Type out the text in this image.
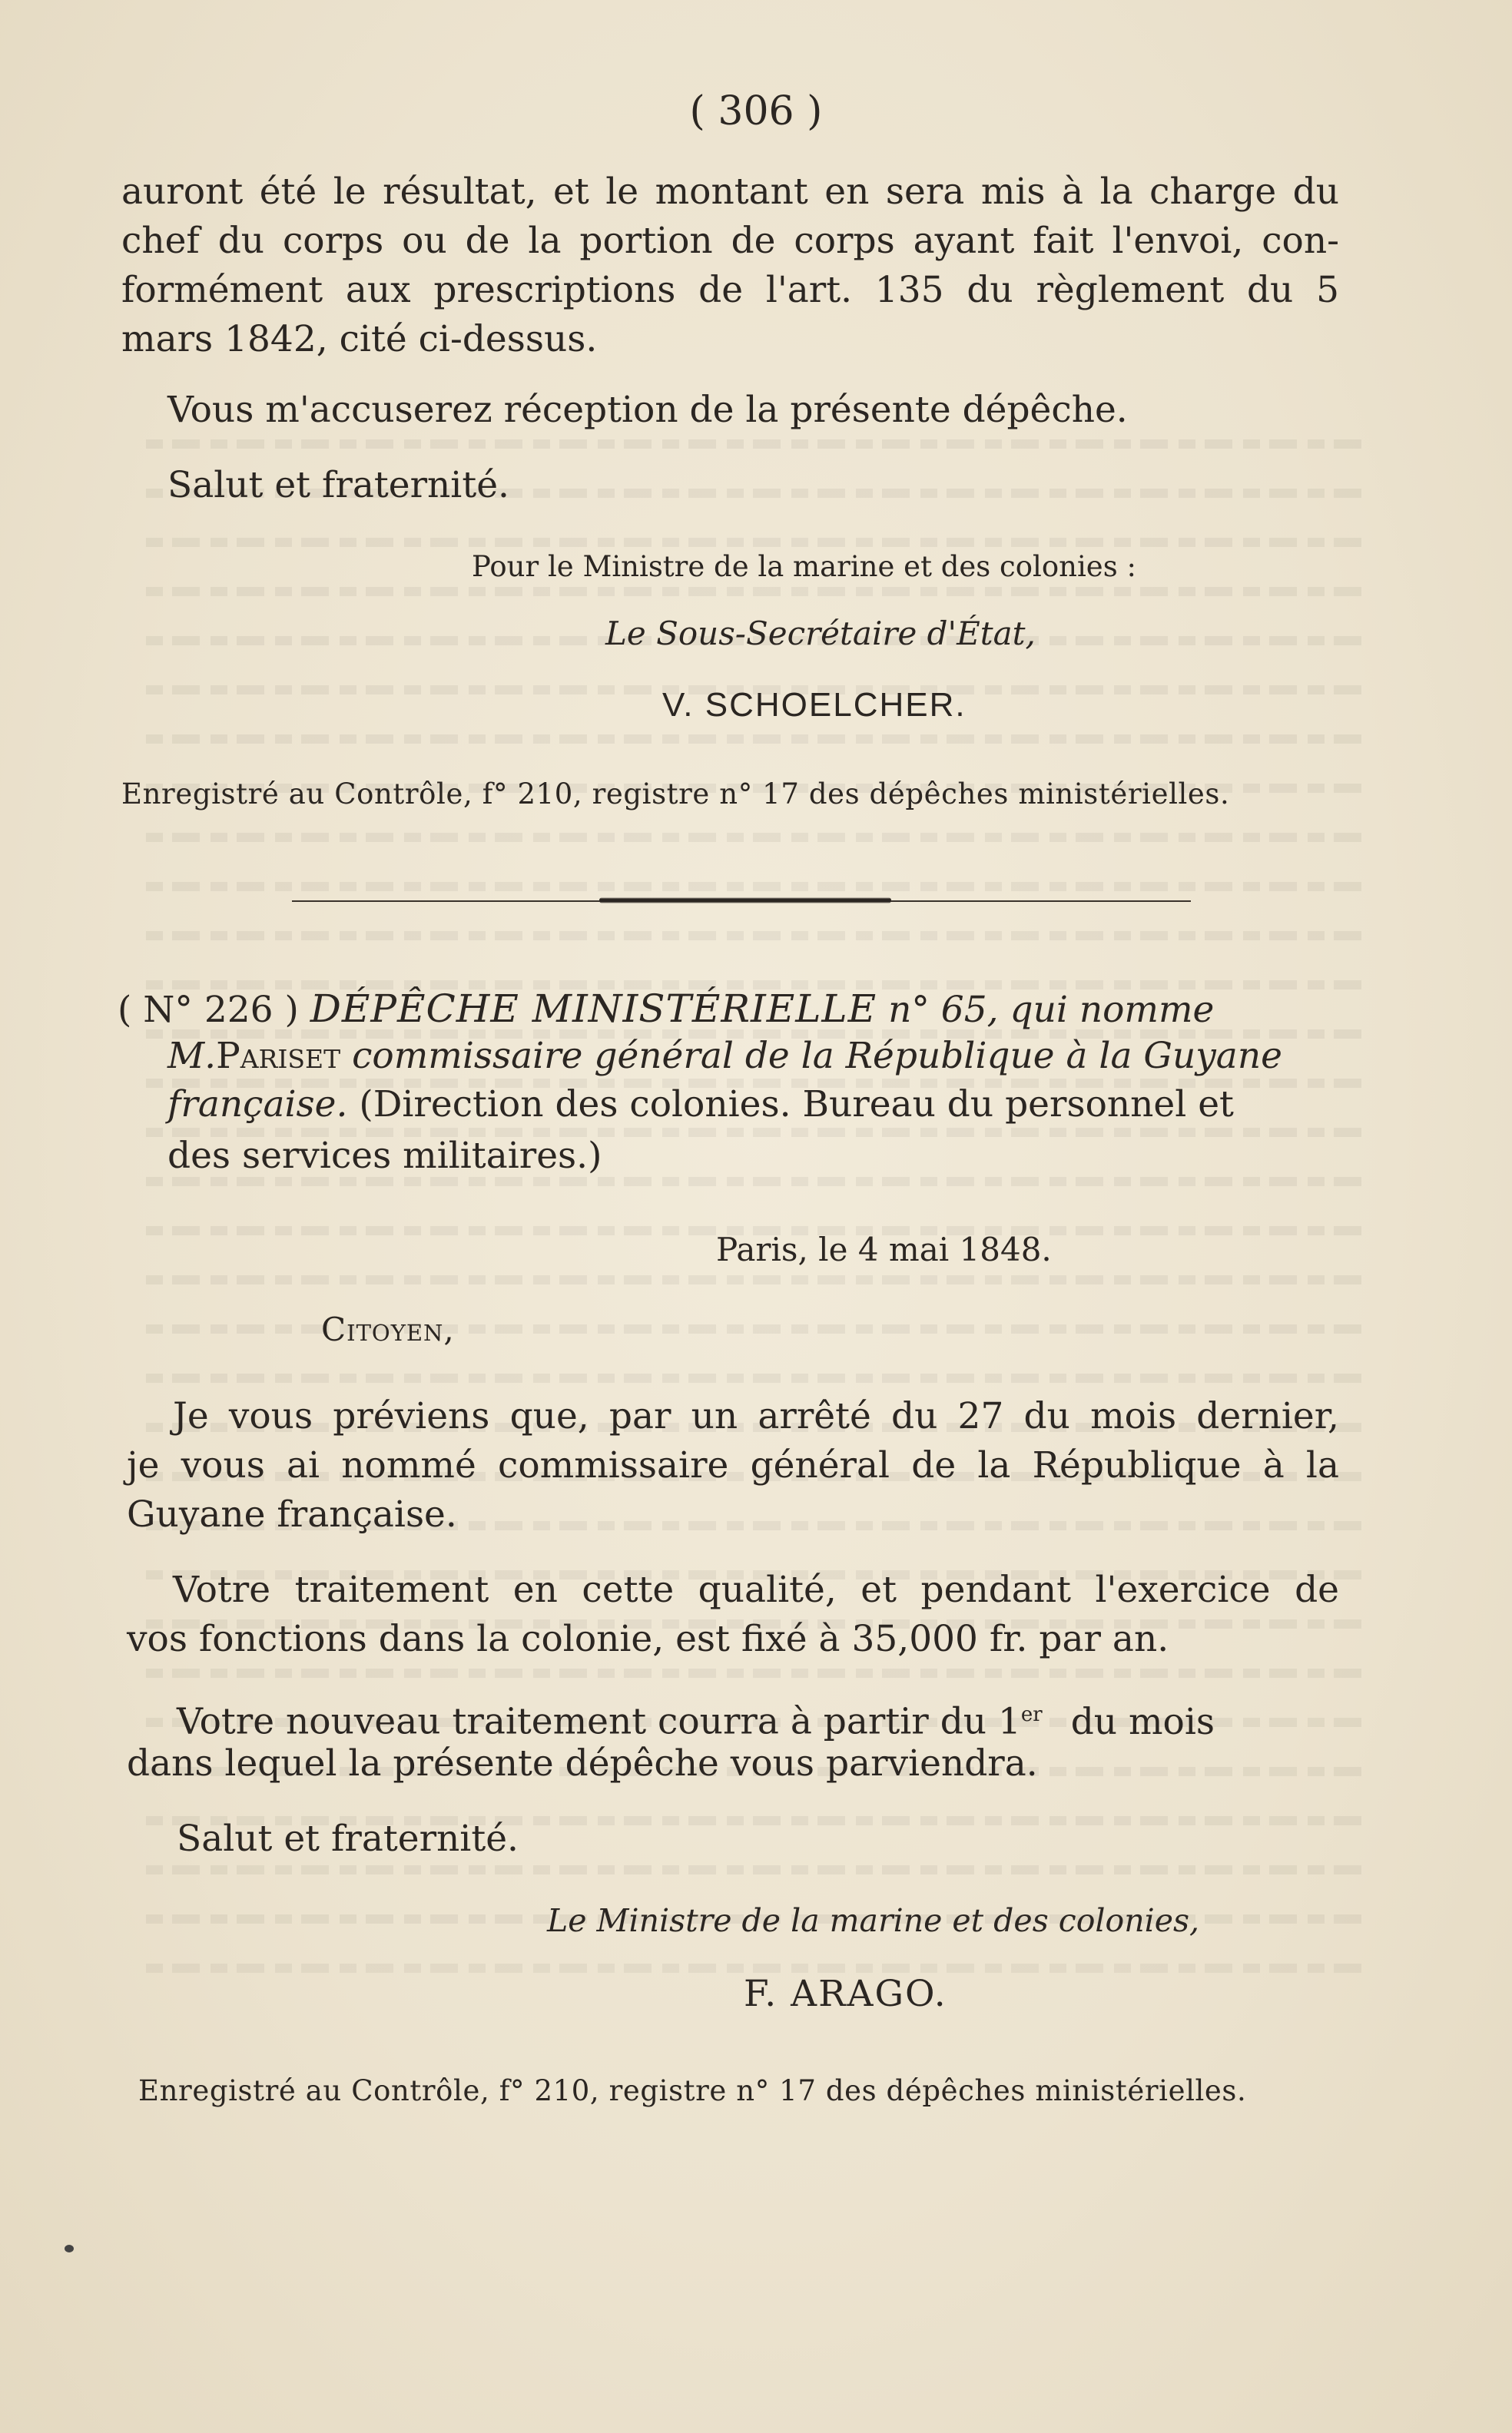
( 306 )
auront été le résultat, et le montant en sera mis à la charge du
chef du corps ou de la portion de corps ayant fait l'envoi, con-
formément aux prescriptions de l'art. 135 du règlement du 5
mars 1842, cité ci-dessus.
Vous m'accuserez réception de la présente dépêche.
Salut et fraternité.
Pour le Ministre de la marine et des colonies :
Le Sous-Secrétaire d'État,
V. SCHOELCHER.
Enregistré au Contrôle, f° 210, registre n° 17 des dépêches ministérielles.
( N° 226 ) DÉPÊCHE MINISTÉRIELLE n° 65, qui nomme
M.Pariset commissaire général de la République à la Guyane
française. (Direction des colonies. Bureau du personnel et
des services militaires.)
Paris, le 4 mai 1848.
Citoyen,
Je vous préviens que, par un arrêté du 27 du mois dernier,
je vous ai nommé commissaire général de la République à la
Guyane française.
Votre traitement en cette qualité, et pendant l'exercice de
vos fonctions dans la colonie, est fixé à 35,000 fr. par an.
Votre nouveau traitement courra à partir du 1er du mois
dans lequel la présente dépêche vous parviendra.
Salut et fraternité.
Le Ministre de la marine et des colonies,
F. ARAGO.
Enregistré au Contrôle, f° 210, registre n° 17 des dépêches ministérielles.
